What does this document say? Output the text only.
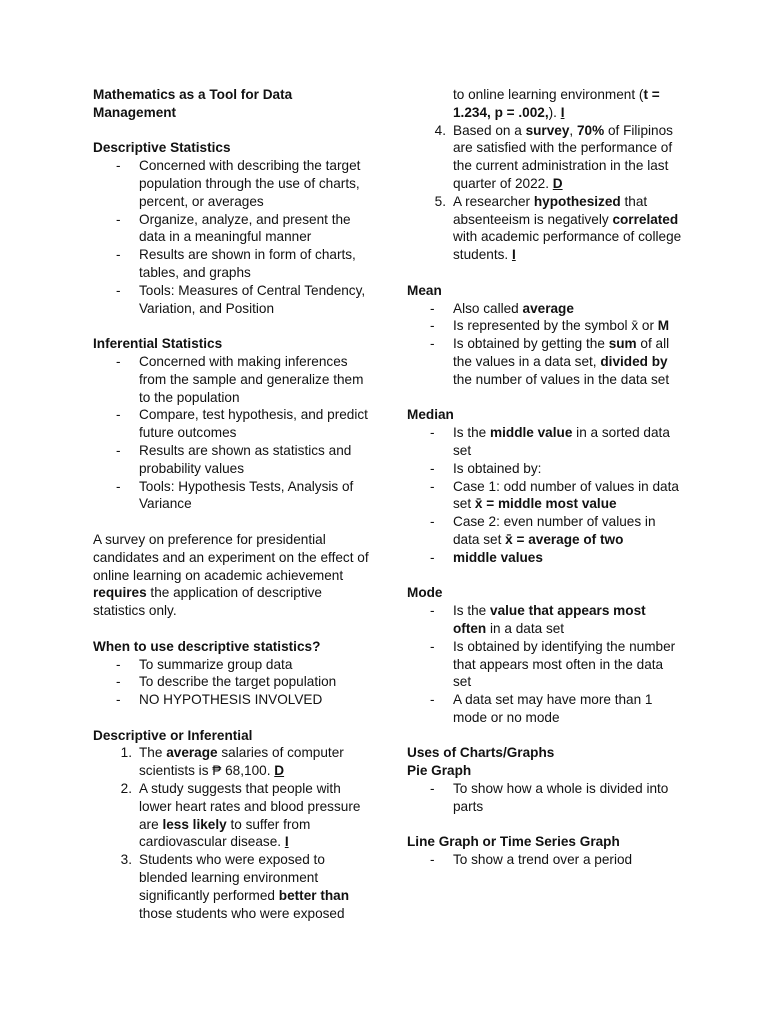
Mathematics as a Tool for Data Management
Descriptive Statistics
- Concerned with describing the target population through the use of charts, percent, or averages
- Organize, analyze, and present the data in a meaningful manner
- Results are shown in form of charts, tables, and graphs
- Tools: Measures of Central Tendency, Variation, and Position
Inferential Statistics
- Concerned with making inferences from the sample and generalize them to the population
- Compare, test hypothesis, and predict future outcomes
- Results are shown as statistics and probability values
- Tools: Hypothesis Tests, Analysis of Variance
A survey on preference for presidential candidates and an experiment on the effect of online learning on academic achievement requires the application of descriptive statistics only.
When to use descriptive statistics?
- To summarize group data
- To describe the target population
- NO HYPOTHESIS INVOLVED
Descriptive or Inferential
1. The average salaries of computer scientists is ₱ 68,100. D
2. A study suggests that people with lower heart rates and blood pressure are less likely to suffer from cardiovascular disease. I
3. Students who were exposed to blended learning environment significantly performed better than those students who were exposed
to online learning environment (t = 1.234, p = .002,). I
4. Based on a survey, 70% of Filipinos are satisfied with the performance of the current administration in the last quarter of 2022. D
5. A researcher hypothesized that absenteeism is negatively correlated with academic performance of college students. I
Mean
- Also called average
- Is represented by the symbol x̄ or M
- Is obtained by getting the sum of all the values in a data set, divided by the number of values in the data set
Median
- Is the middle value in a sorted data set
- Is obtained by:
- Case 1: odd number of values in data set x̄ = middle most value
- Case 2: even number of values in data set x̄ = average of two
- middle values
Mode
- Is the value that appears most often in a data set
- Is obtained by identifying the number that appears most often in the data set
- A data set may have more than 1 mode or no mode
Uses of Charts/Graphs
Pie Graph
- To show how a whole is divided into parts
Line Graph or Time Series Graph
- To show a trend over a period
